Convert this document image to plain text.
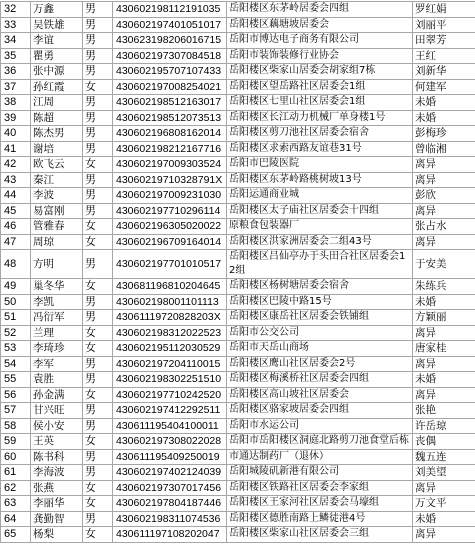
32	万鑫	男	430602198112191035	岳阳楼区东茅岭居委会四组	罗红娟
33	吴铁雄	男	430602197401051017	岳阳楼区藕塘坡居委会	刘丽平
34	李谊	男	430623198206016715	岳阳市博达电子商务有限公司	田翠芳
35	瞿勇	男	430602197307084518	岳阳市装饰装修行业协会	王红
36	张中源	男	430602195707107433	岳阳楼区柴家山居委会胡家组7栋	刘新华
37	孙红霞	女	430602197008254021	岳阳楼区望岳路社区居委会1组	何建军
38	江周	男	430602198512163017	岳阳楼区七里山社区居委会1组	未婚
39	陈超	男	430602198512073513	岳阳楼区长江动力机械厂单身楼1号	未婚
40	陈杰男	男	430602196808162014	岳阳楼区剪刀池社区居委会宿舍	彭梅珍
41	谢培	男	430602198212167716	岳阳楼区求索西路友谊巷31号	曾临湘
42	欧飞云	女	430602197009303524	岳阳市巴陵医院	离异
43	秦江	男	43060219710328791X	岳阳楼区东茅岭路桃树坡13号	离异
44	李波	男	430602197009231030	岳阳运通商业城	彭欣
45	易富刚	男	430602197710296114	岳阳楼区太子庙社区居委会十四组	离异
46	管雅春	女	430602196305020022	原粮食包装器厂	张占水
47	周琼	女	430602196709164014	岳阳楼区洪家洲居委会二组43号	离异
48	方明	男	430602197701010517	岳阳楼区吕仙亭办于头田合社区居委会12组	于安美
49	巢冬华	女	430681196810204645	岳阳楼区杨树塘居委会宿舍	朱练兵
50	李凯	男	430602198001101113	岳阳楼区巴陵中路15号	未婚
51	冯衍军	男	43061119720828203X	岳阳楼区康岳社区居委会铁铺组	方颖丽
52	兰理	女	430602198312022523	岳阳市公交公司	离异
53	李琦珍	女	430602195112030529	岳阳市天岳山商场	唐家桂
54	李军	男	430602197204110015	岳阳楼区鹰山社区居委会2号	离异
55	袁胜	男	430602198302251510	岳阳楼区梅溪桥社区居委会四组	未婚
56	孙金满	女	430602197710242520	岳阳楼区高山坡社区居委会	离异
57	甘兴旺	男	430602197412292511	岳阳楼区骆家坡居委会四组	张艳
58	侯小安	男	430611195404100011	岳阳市水运公司	许岳琼
59	王英	女	430602197308022028	岳阳市岳阳楼区洞庭北路剪刀池食堂后栋	丧偶
60	陈书科	男	430611195409250019	市通达制药厂（退休）	魏五连
61	李海波	男	430602197402124039	岳阳城陵矶新港有限公司	刘美望
62	张燕	女	430602197307017456	岳阳楼区铁路社区居委会李家组	离异
63	李丽华	女	430602197804187446	岳阳楼区王家河社区居委会马壕组	万文平
64	龚勤智	男	430602198311074536	岳阳楼区德胜南路上鳞徒港4号	未婚
65	杨梨	女	430611197108202047	岳阳楼区柴家山社区居委会三组	离异
